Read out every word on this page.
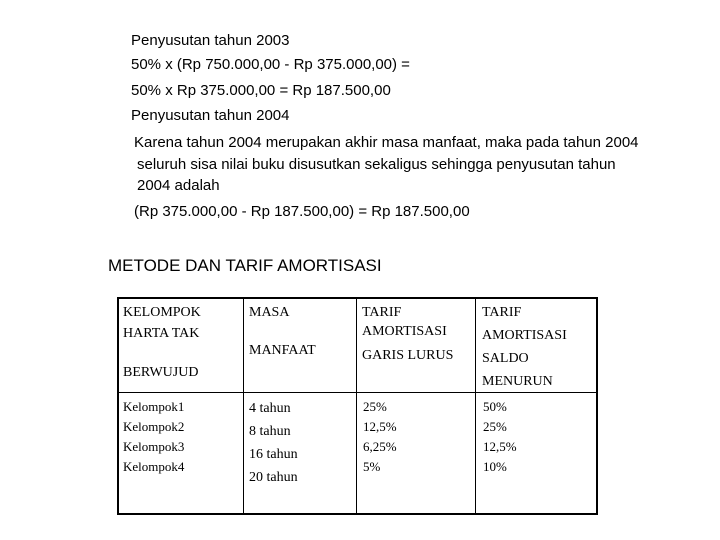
Penyusutan tahun 2003
50% x (Rp 750.000,00 - Rp 375.000,00) =
50% x Rp 375.000,00 = Rp 187.500,00
Penyusutan tahun 2004
Karena tahun 2004 merupakan akhir masa manfaat, maka pada tahun 2004
seluruh sisa nilai buku disusutkan sekaligus sehingga penyusutan tahun
2004 adalah
(Rp 375.000,00 - Rp 187.500,00) = Rp 187.500,00
METODE DAN TARIF AMORTISASI
KELOMPOK
HARTA TAK
BERWUJUD
MASA
MANFAAT
TARIF
AMORTISASI
GARIS LURUS
TARIF
AMORTISASI
SALDO
MENURUN
Kelompok1
Kelompok2
Kelompok3
Kelompok4
4 tahun
8 tahun
16 tahun
20 tahun
25%
12,5%
6,25%
5%
50%
25%
12,5%
10%
